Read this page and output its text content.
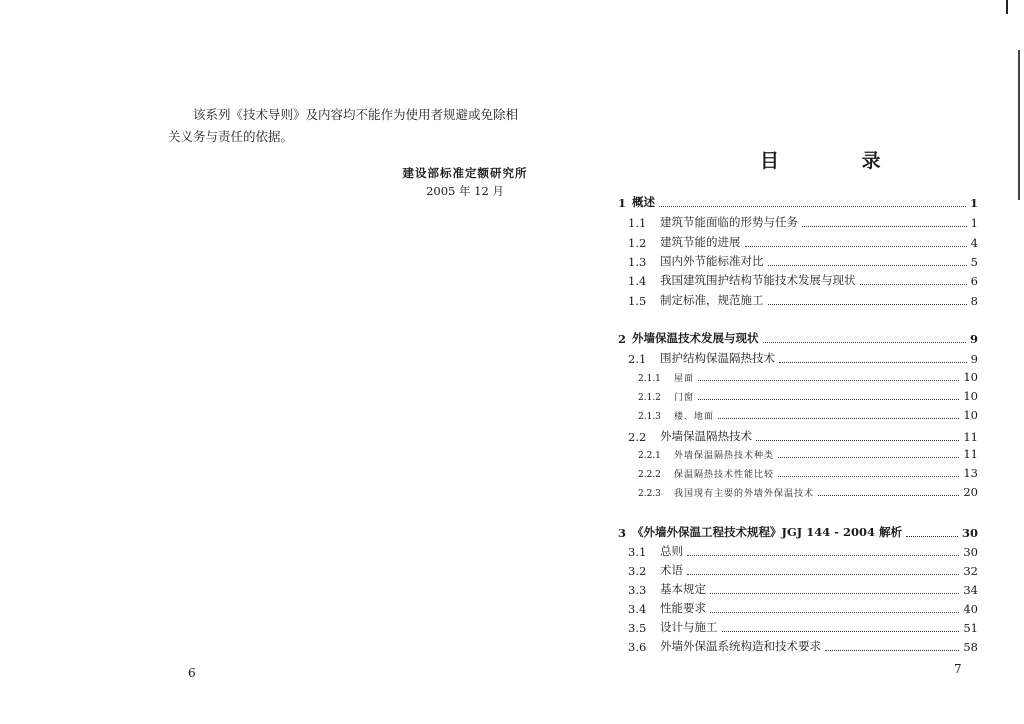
该系列《技术导则》及内容均不能作为使用者规避或免除相

关义务与责任的依据。
建设部标准定额研究所
2005 年 12 月
6
目 录
1 概述	1
1.1	建筑节能面临的形势与任务	1
1.2	建筑节能的进展	4
1.3	国内外节能标准对比	5
1.4	我国建筑围护结构节能技术发展与现状	6
1.5	制定标准，规范施工	8
2 外墙保温技术发展与现状	9
2.1	围护结构保温隔热技术	9
2.1.1	屋面	10
2.1.2	门窗	10
2.1.3	楼、地面	10
2.2	外墙保温隔热技术	11
2.2.1	外墙保温隔热技术种类	11
2.2.2	保温隔热技术性能比较	13
2.2.3	我国现有主要的外墙外保温技术	20
3 《外墙外保温工程技术规程》JGJ 144 - 2004 解析	30
3.1	总则	30
3.2	术语	32
3.3	基本规定	34
3.4	性能要求	40
3.5	设计与施工	51
3.6	外墙外保温系统构造和技术要求	58
7
